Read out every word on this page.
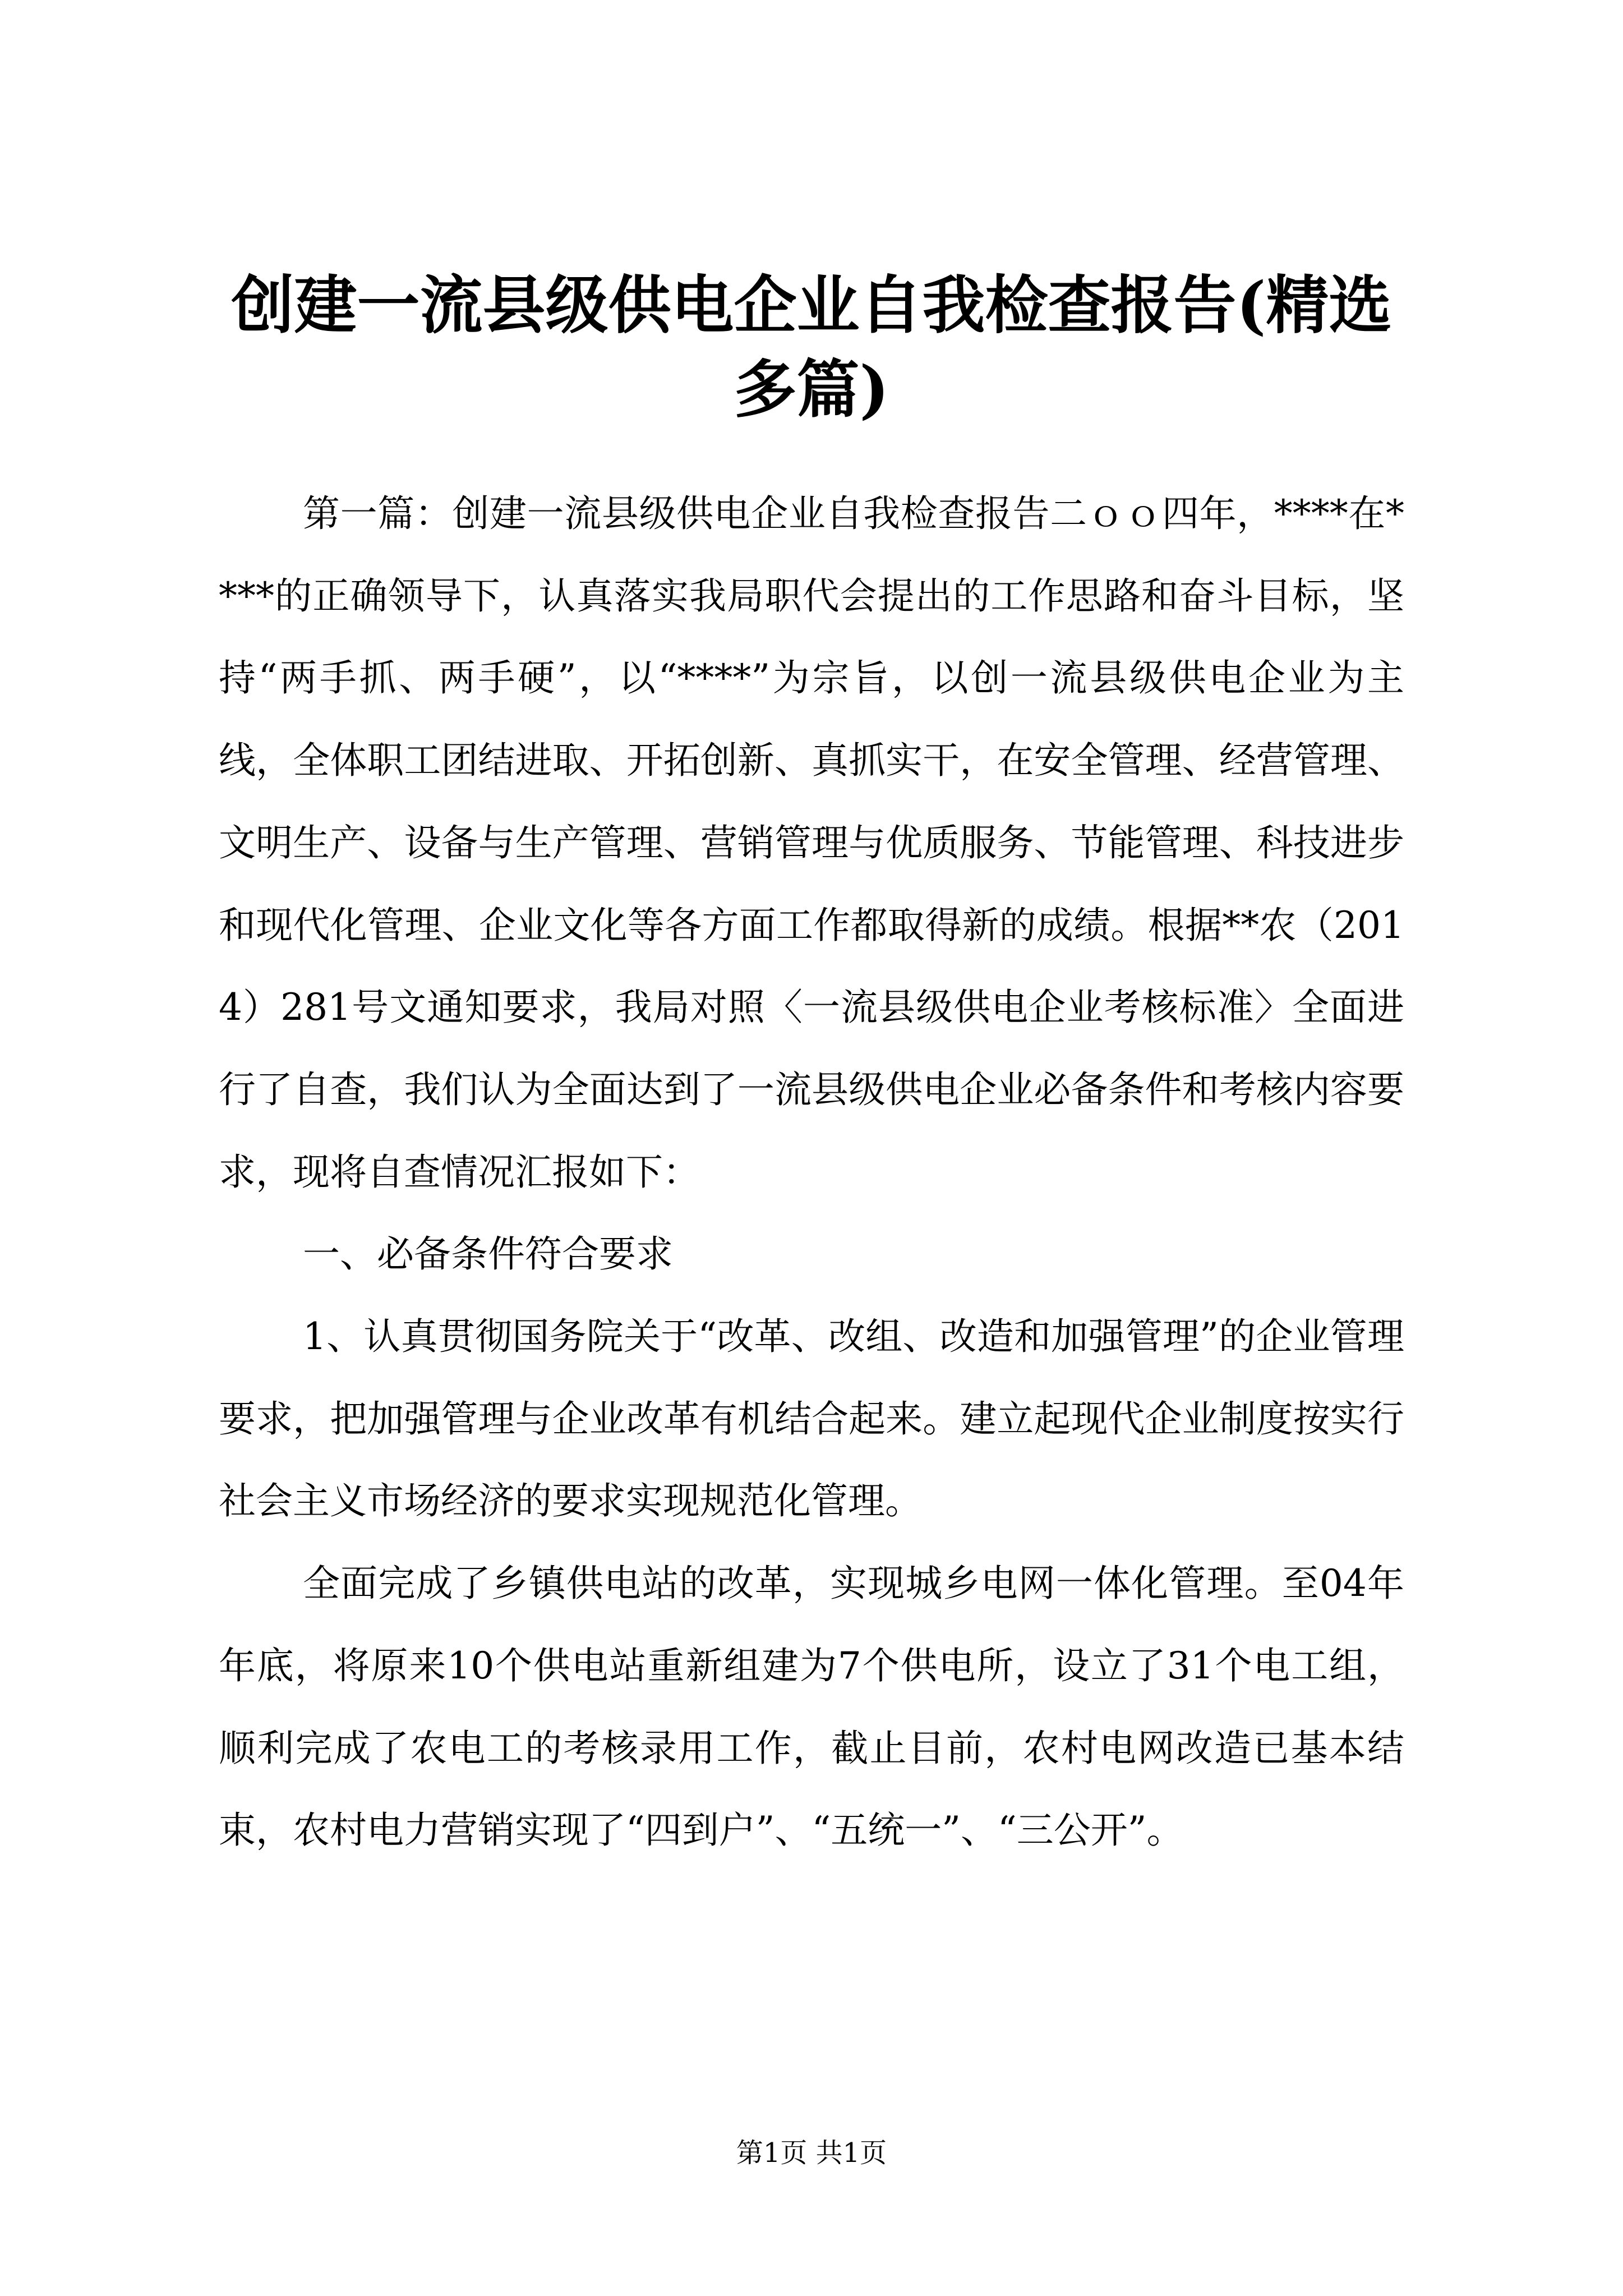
创建一流县级供电企业自我检查报告(精选多篇)

第一篇：创建一流县级供电企业自我检查报告二ｏｏ四年，****在****的正确领导下，认真落实我局职代会提出的工作思路和奋斗目标，坚持“两手抓、两手硬”，以“****”为宗旨，以创一流县级供电企业为主线，全体职工团结进取、开拓创新、真抓实干，在安全管理、经营管理、文明生产、设备与生产管理、营销管理与优质服务、节能管理、科技进步和现代化管理、企业文化等各方面工作都取得新的成绩。根据**农（2014）281号文通知要求，我局对照〈一流县级供电企业考核标准〉全面进行了自查，我们认为全面达到了一流县级供电企业必备条件和考核内容要求，现将自查情况汇报如下：

一、必备条件符合要求

1、认真贯彻国务院关于“改革、改组、改造和加强管理”的企业管理要求，把加强管理与企业改革有机结合起来。建立起现代企业制度按实行社会主义市场经济的要求实现规范化管理。

全面完成了乡镇供电站的改革，实现城乡电网一体化管理。至04年年底，将原来10个供电站重新组建为7个供电所，设立了31个电工组，顺利完成了农电工的考核录用工作，截止目前，农村电网改造已基本结束，农村电力营销实现了“四到户”、“五统一”、“三公开”。

第1页 共1页
